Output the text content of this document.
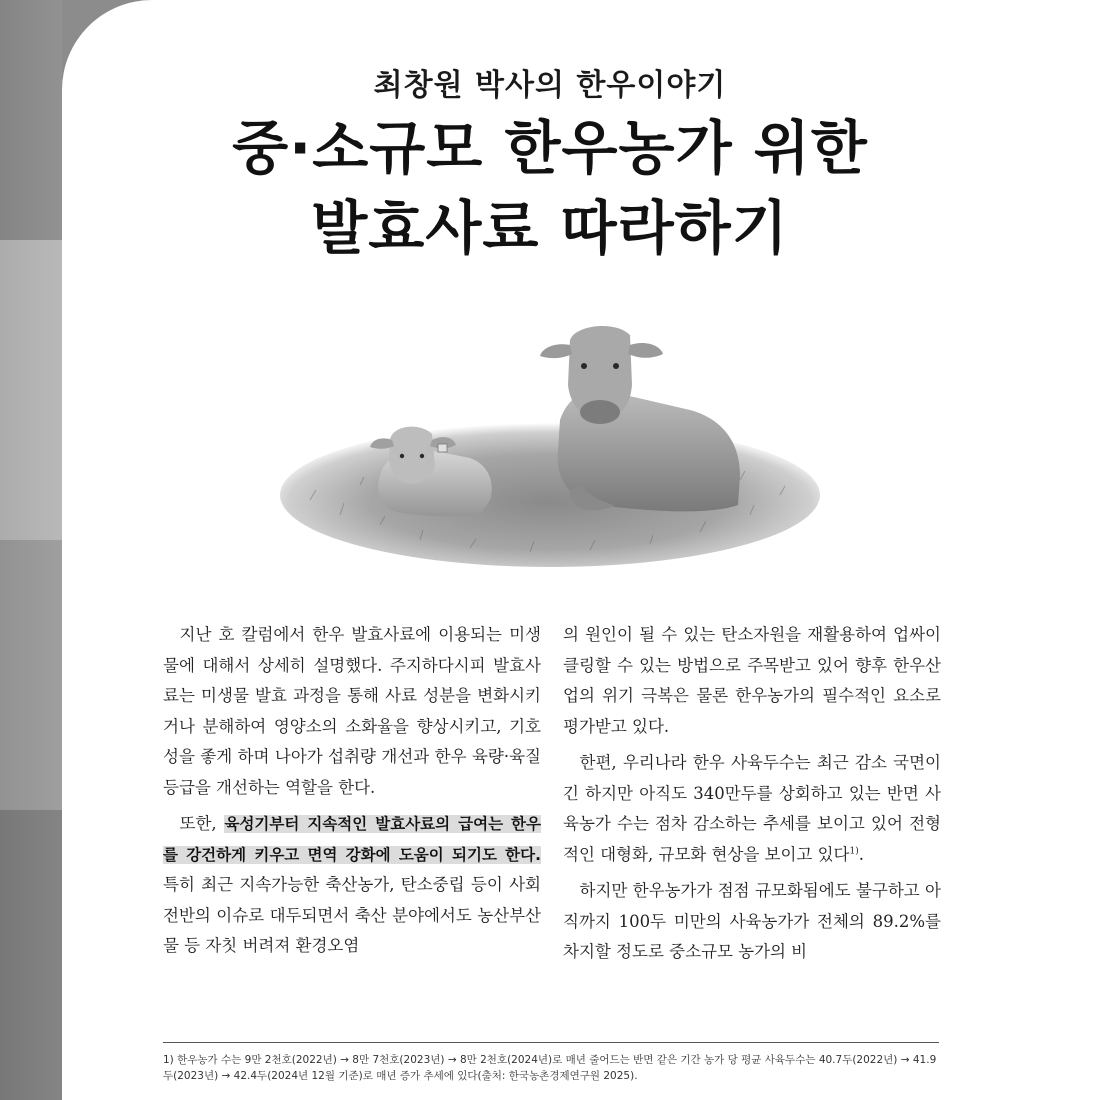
최창원 박사의 한우이야기
중·소규모 한우농가 위한
발효사료 따라하기

지난 호 칼럼에서 한우 발효사료에 이용되는 미생물에 대해서 상세히 설명했다. 주지하다시피 발효사료는 미생물 발효 과정을 통해 사료 성분을 변화시키거나 분해하여 영양소의 소화율을 향상시키고, 기호성을 좋게 하며 나아가 섭취량 개선과 한우 육량·육질 등급을 개선하는 역할을 한다.

또한, 육성기부터 지속적인 발효사료의 급여는 한우를 강건하게 키우고 면역 강화에 도움이 되기도 한다. 특히 최근 지속가능한 축산농가, 탄소중립 등이 사회 전반의 이슈로 대두되면서 축산 분야에서도 농산부산물 등 자칫 버려져 환경오염

의 원인이 될 수 있는 탄소자원을 재활용하여 업싸이클링할 수 있는 방법으로 주목받고 있어 향후 한우산업의 위기 극복은 물론 한우농가의 필수적인 요소로 평가받고 있다.

한편, 우리나라 한우 사육두수는 최근 감소 국면이긴 하지만 아직도 340만두를 상회하고 있는 반면 사육농가 수는 점차 감소하는 추세를 보이고 있어 전형적인 대형화, 규모화 현상을 보이고 있다$^{1)}$.

하지만 한우농가가 점점 규모화됨에도 불구하고 아직까지 100두 미만의 사육농가가 전체의 89.2%를 차지할 정도로 중소규모 농가의 비

1) 한우농가 수는 9만 2천호(2022년) → 8만 7천호(2023년) → 8만 2천호(2024년)로 매년 줄어드는 반면 같은 기간 농가 당 평균 사육두수는 40.7두(2022년) → 41.9두(2023년) → 42.4두(2024년 12월 기준)로 매년 증가 추세에 있다(출처: 한국농촌경제연구원 2025).
